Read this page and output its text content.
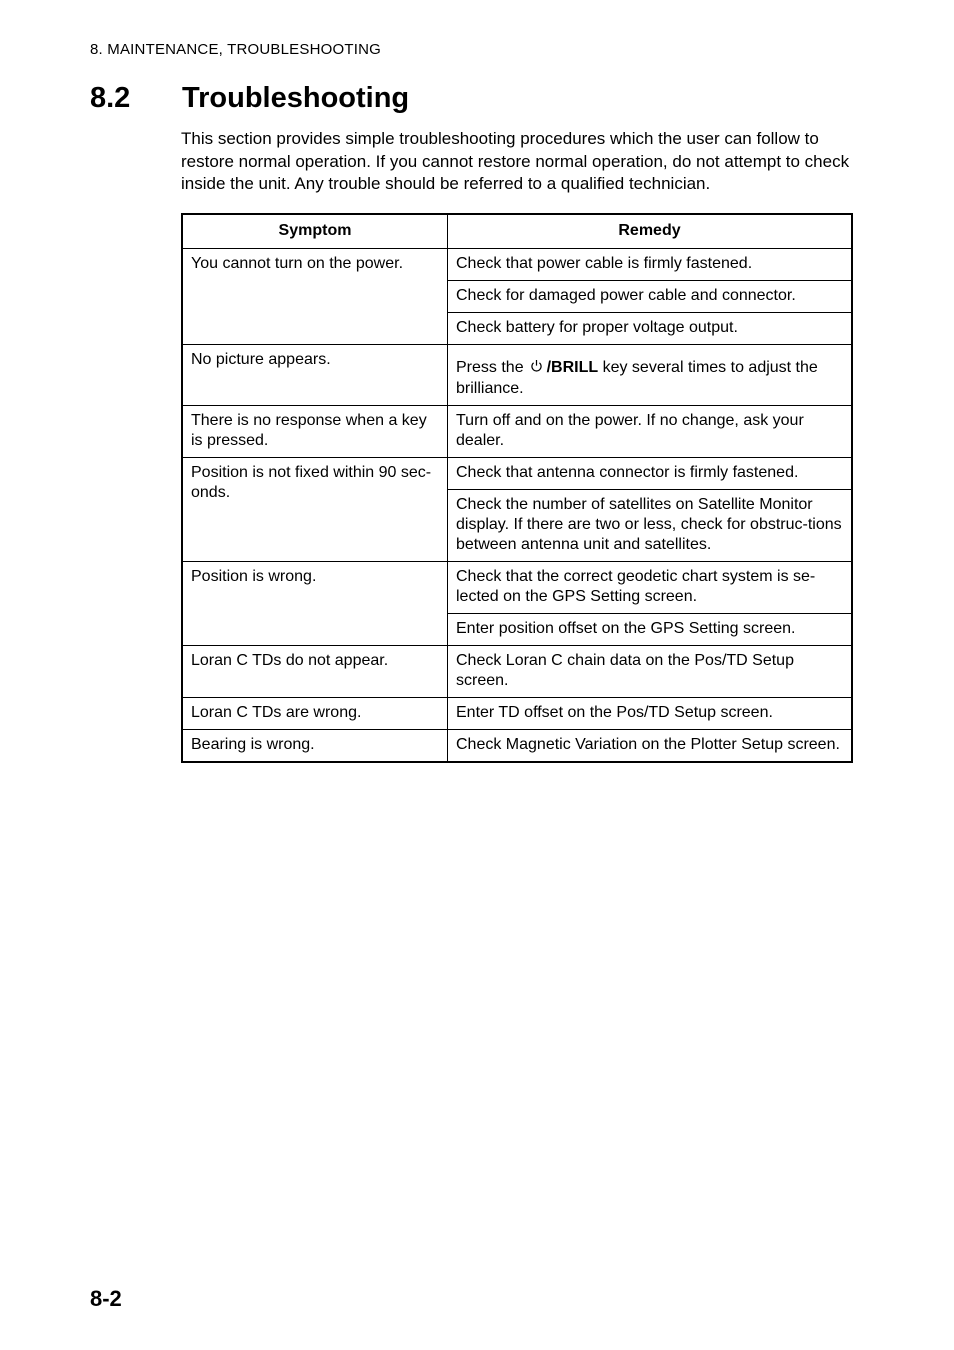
8. MAINTENANCE, TROUBLESHOOTING
8.2 Troubleshooting

This section provides simple troubleshooting procedures which the user can follow to restore normal operation. If you cannot restore normal operation, do not attempt to check inside the unit. Any trouble should be referred to a qualified technician.

Symptom	Remedy
You cannot turn on the power.	Check that power cable is firmly fastened.
	Check for damaged power cable and connector.
	Check battery for proper voltage output.
No picture appears.	Press the /BRILL key several times to adjust the brilliance.
There is no response when a key is pressed.	Turn off and on the power. If no change, ask your dealer.
Position is not fixed within 90 sec-onds.	Check that antenna connector is firmly fastened.
	Check the number of satellites on Satellite Monitor display. If there are two or less, check for obstruc-tions between antenna unit and satellites.
Position is wrong.	Check that the correct geodetic chart system is se-lected on the GPS Setting screen.
	Enter position offset on the GPS Setting screen.
Loran C TDs do not appear.	Check Loran C chain data on the Pos/TD Setup screen.
Loran C TDs are wrong.	Enter TD offset on the Pos/TD Setup screen.
Bearing is wrong.	Check Magnetic Variation on the Plotter Setup screen.
8-2
